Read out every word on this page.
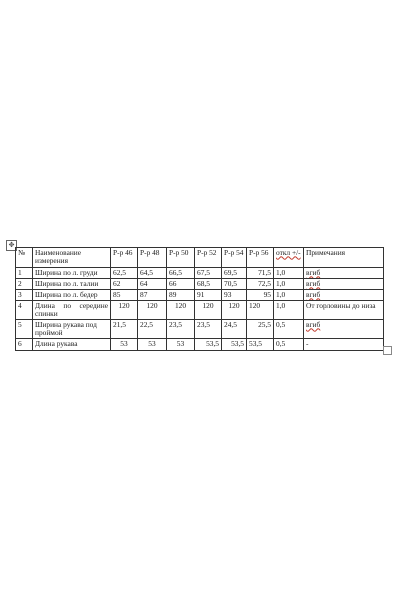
✥
№	Наименование измерения	Р-р 46	Р-р 48	Р-р 50	Р-р 52	Р-р 54	Р-р 56	откл +/-	Примечания
1	Ширина по л. груди	62,5	64,5	66,5	67,5	69,5	71,5	1,0	вгиб
2	Ширина по л. талии	62	64	66	68,5	70,5	72,5	1,0	вгиб
3	Ширина по л. бедер	85	87	89	91	93	95	1,0	вгиб
4	Длина по середине спинки	120	120	120	120	120	120	1,0	От горловины до низа
5	Ширина рукава под проймой	21,5	22,5	23,5	23,5	24,5	25,5	0,5	вгиб
6	Длина рукава	53	53	53	53,5	53,5	53,5	0,5	-
